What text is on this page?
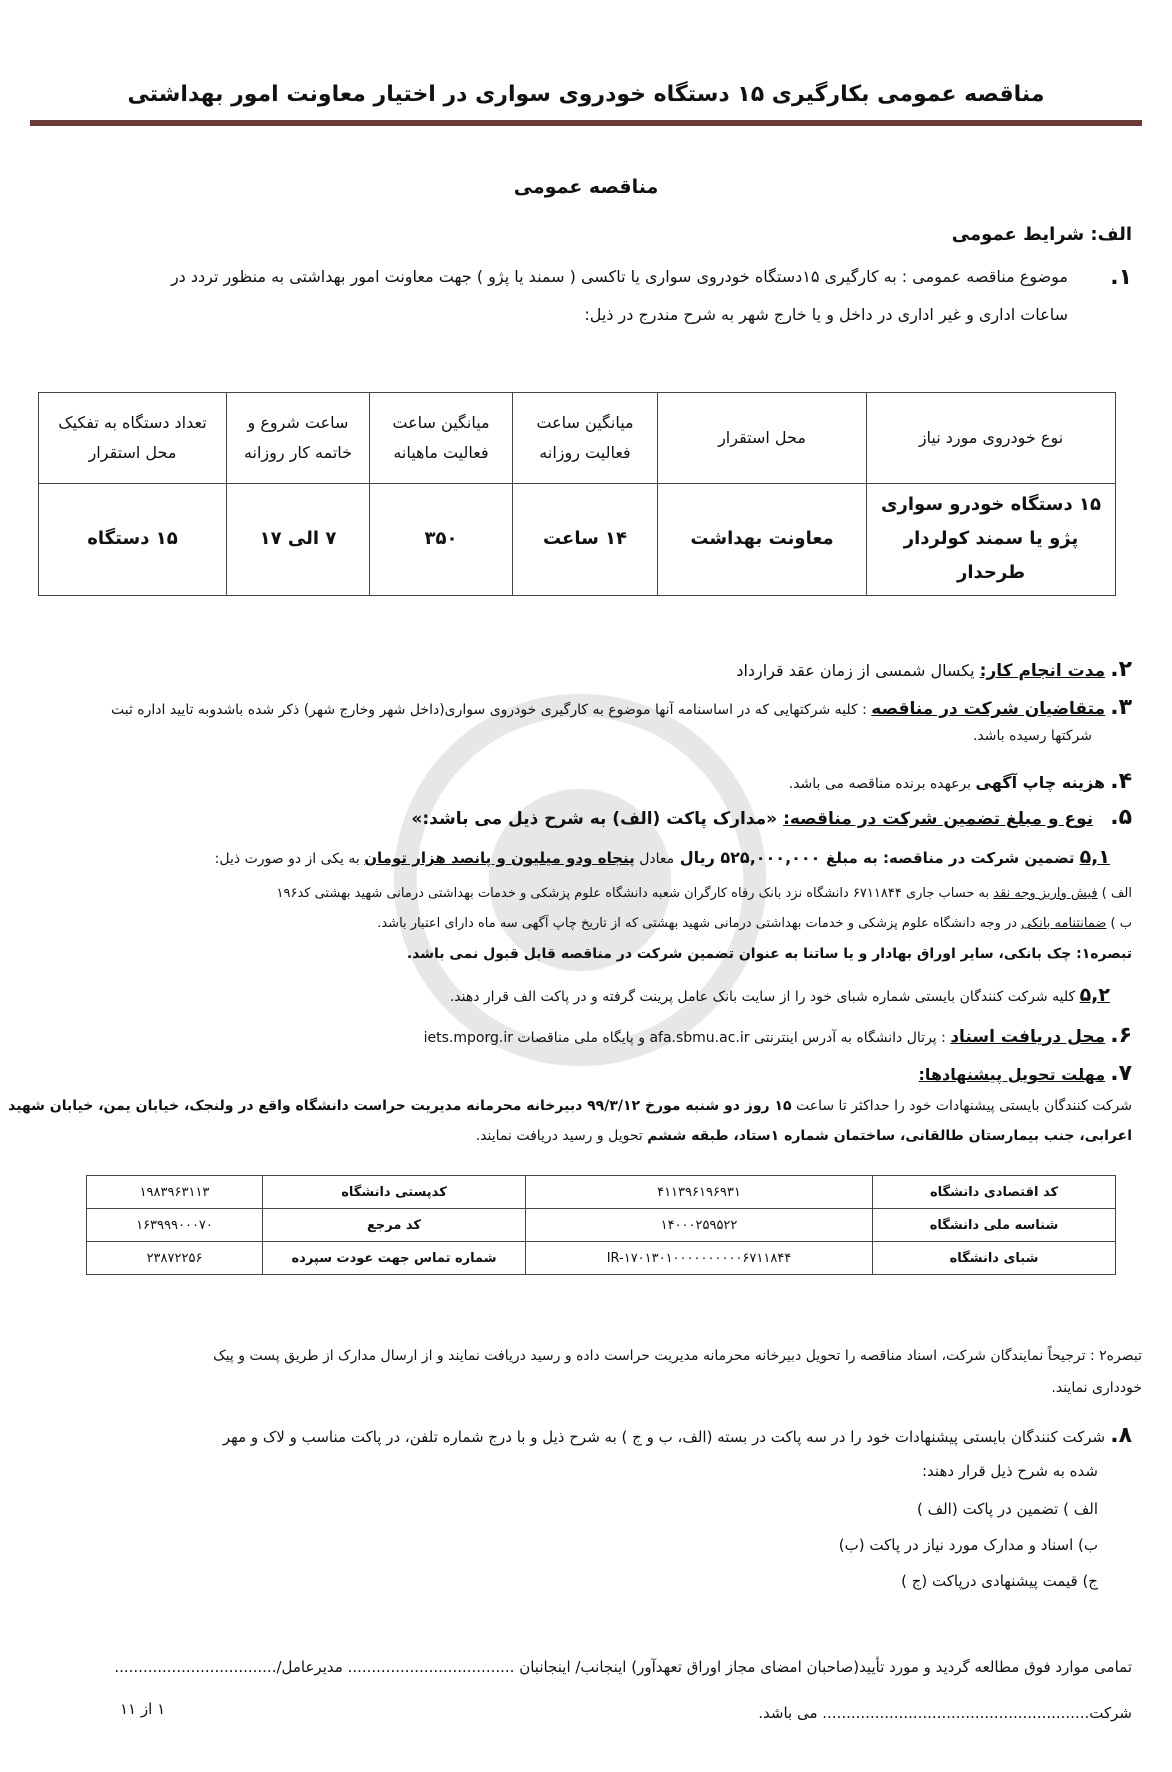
مناقصه عمومی بکارگیری ۱۵ دستگاه خودروی سواری در اختیار معاونت امور بهداشتی
مناقصه عمومی
الف: شرایط عمومی
۱.
موضوع مناقصه عمومی : به کارگیری ۱۵دستگاه خودروی سواری یا تاکسی ( سمند یا پژو ) جهت معاونت امور بهداشتی به منظور تردد در
ساعات اداری و غیر اداری در داخل و یا خارج شهر به شرح مندرج در ذیل:
نوع خودروی مورد نیاز	محل استقرار	میانگین ساعت فعالیت روزانه	میانگین ساعت فعالیت ماهیانه	ساعت شروع و خاتمه کار روزانه	تعداد دستگاه به تفکیک محل استقرار
۱۵ دستگاه خودرو سواری پژو یا سمند کولردار طرحدار	معاونت بهداشت	۱۴ ساعت	۳۵۰	۷ الی ۱۷	۱۵ دستگاه
۲. مدت انجام کار: یکسال شمسی از زمان عقد قرارداد
۳. متقاضیان شرکت در مناقصه : کلیه شرکتهایی که در اساسنامه آنها موضوع به کارگیری خودروی سواری(داخل شهر وخارج شهر) ذکر شده باشدوبه تایید اداره ثبت
شرکتها رسیده باشد.
۴. هزینه چاپ آگهی برعهده برنده مناقصه می باشد.
۵. نوع و مبلغ تضمین شرکت در مناقصه: «مدارک پاکت (الف) به شرح ذیل می باشد:»
۵,۱ تضمین شرکت در مناقصه: به مبلغ ۵۲۵,۰۰۰,۰۰۰ ریال معادل پنجاه ودو میلیون و پانصد هزار تومان به یکی از دو صورت ذیل:
الف ) فیش واریز وجه نقد به حساب جاری ۶۷۱۱۸۴۴ دانشگاه نزد بانک رفاه کارگران شعبه دانشگاه علوم پزشکی و خدمات بهداشتی درمانی شهید بهشتی کد۱۹۶
ب ) ضمانتنامه بانکی در وجه دانشگاه علوم پزشکی و خدمات بهداشتی درمانی شهید بهشتی که از تاریخ چاپ آگهی سه ماه دارای اعتبار باشد.
تبصره۱: چک بانکی، سایر اوراق بهادار و یا ساتنا به عنوان تضمین شرکت در مناقصه قابل قبول نمی باشد.
۵,۲ کلیه شرکت کنندگان بایستی شماره شبای خود را از سایت بانک عامل پرینت گرفته و در پاکت الف قرار دهند.
۶. محل دریافت اسناد : پرتال دانشگاه به آدرس اینترنتی afa.sbmu.ac.ir و پایگاه ملی مناقصات iets.mporg.ir
۷. مهلت تحویل پیشنهادها:
شرکت کنندگان بایستی پیشنهادات خود را حداکثر تا ساعت ۱۵ روز دو شنبه مورخ ۹۹/۳/۱۲ دبیرخانه محرمانه مدیریت حراست دانشگاه واقع در ولنجک، خیابان یمن، خیابان شهید
اعرابی، جنب بیمارستان طالقانی، ساختمان شماره ۱ستاد، طبقه ششم تحویل و رسید دریافت نمایند.
کد اقتصادی دانشگاه	۴۱۱۳۹۶۱۹۶۹۳۱	کدپستی دانشگاه	۱۹۸۳۹۶۳۱۱۳
شناسه ملی دانشگاه	۱۴۰۰۰۲۵۹۵۲۲	کد مرجع	۱۶۳۹۹۹۰۰۰۷۰
شبای دانشگاه	IR-۱۷۰۱۳۰۱۰۰۰۰۰۰۰۰۰۰۶۷۱۱۸۴۴	شماره تماس جهت عودت سپرده	۲۳۸۷۲۲۵۶
تبصره۲ : ترجیحاً نمایندگان شرکت، اسناد مناقصه را تحویل دبیرخانه محرمانه مدیریت حراست داده و رسید دریافت نمایند و از ارسال مدارک از طریق پست و پیک
خودداری نمایند.
۸. شرکت کنندگان بایستی پیشنهادات خود را در سه پاکت در بسته (الف، ب و ج ) به شرح ذیل و با درج شماره تلفن، در پاکت مناسب و لاک و مهر
شده به شرح ذیل قرار دهند:
الف ) تضمین در پاکت (الف )
ب) اسناد و مدارک مورد نیاز در پاکت (ب)
ج) قیمت پیشنهادی درپاکت (ج )
تمامی موارد فوق مطالعه گردید و مورد تأیید(صاحبان امضای مجاز اوراق تعهدآور) اینجانب/ اینجانبان ................................... مدیرعامل/..................................
شرکت........................................................ می باشد.
۱ از ۱۱
